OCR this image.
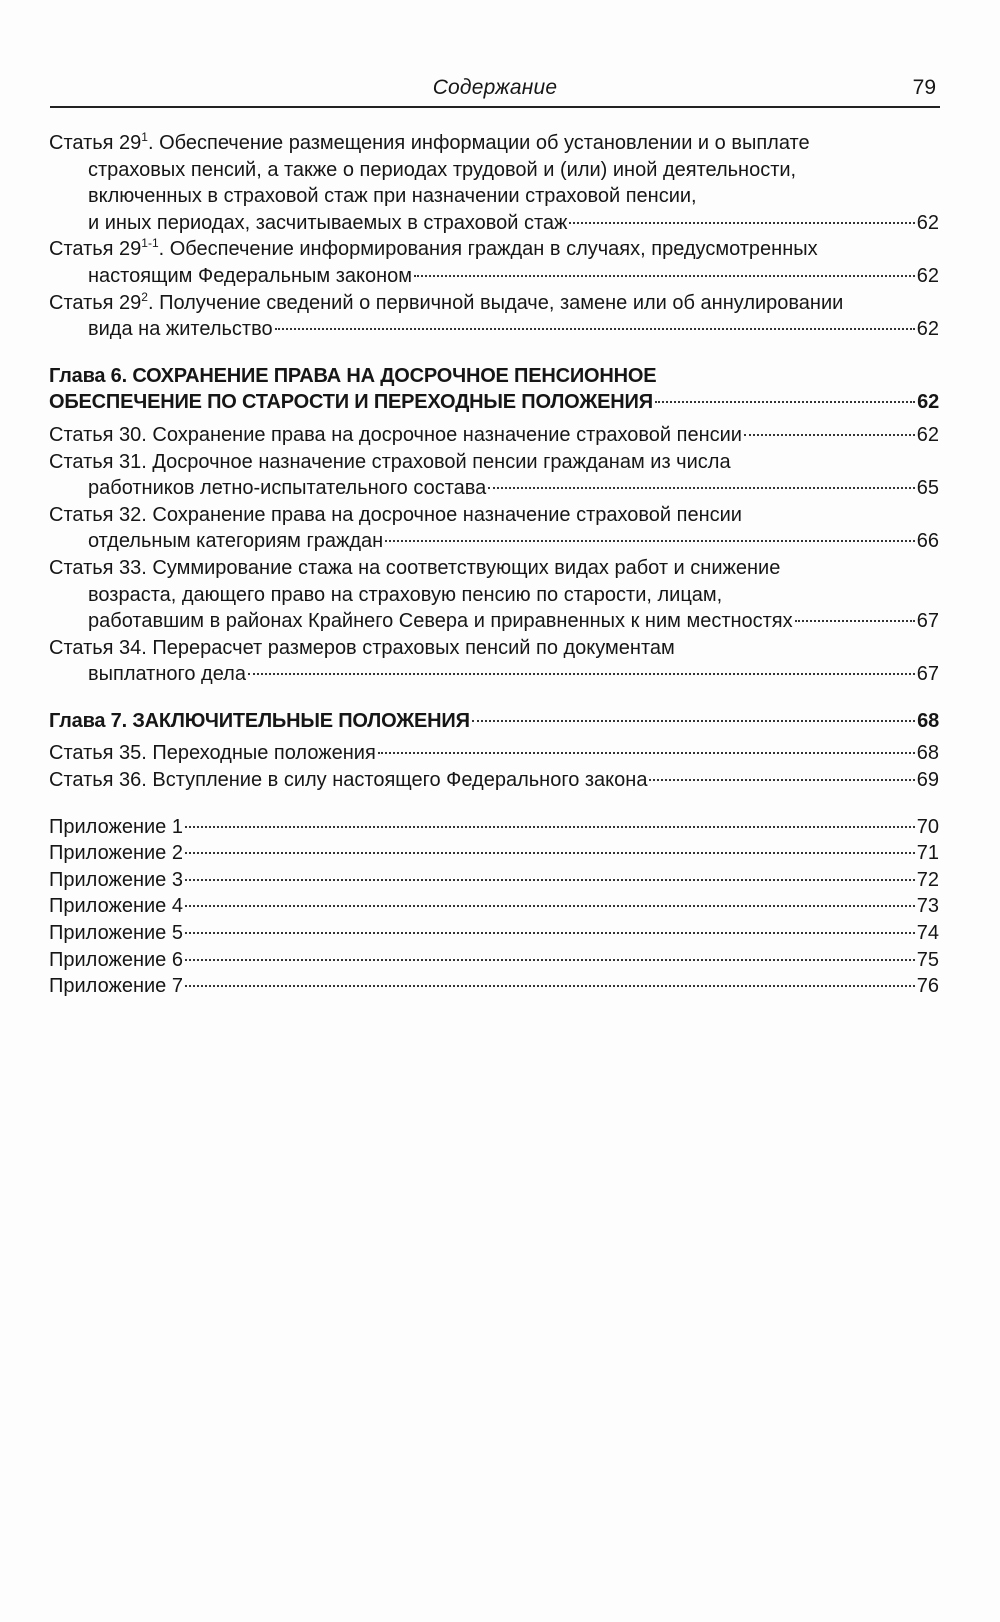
Содержание	79
Статья $29^1$. Обеспечение размещения информации об установлении и о выплате
страховых пенсий, а также о периодах трудовой и (или) иной деятельности,
включенных в страховой стаж при назначении страховой пенсии,
и иных периодах, засчитываемых в страховой стаж	62
Статья 29$^{1-1}$. Обеспечение информирования граждан в случаях, предусмотренных
настоящим Федеральным законом	62
Статья $29^2$. Получение сведений о первичной выдаче, замене или об аннулировании
вида на жительство	62
Глава 6. СОХРАНЕНИЕ ПРАВА НА ДОСРОЧНОЕ ПЕНСИОННОЕ
ОБЕСПЕЧЕНИЕ ПО СТАРОСТИ И ПЕРЕХОДНЫЕ ПОЛОЖЕНИЯ	62
Статья 30. Сохранение права на досрочное назначение страховой пенсии	62
Статья 31. Досрочное назначение страховой пенсии гражданам из числа
работников летно-испытательного состава	65
Статья 32. Сохранение права на досрочное назначение страховой пенсии
отдельным категориям граждан	66
Статья 33. Суммирование стажа на соответствующих видах работ и снижение
возраста, дающего право на страховую пенсию по старости, лицам,
работавшим в районах Крайнего Севера и приравненных к ним местностях	67
Статья 34. Перерасчет размеров страховых пенсий по документам
выплатного дела	67
Глава 7. ЗАКЛЮЧИТЕЛЬНЫЕ ПОЛОЖЕНИЯ	68
Статья 35. Переходные положения	68
Статья 36. Вступление в силу настоящего Федерального закона	69
Приложение 1	70
Приложение 2	71
Приложение 3	72
Приложение 4	73
Приложение 5	74
Приложение 6	75
Приложение 7	76
